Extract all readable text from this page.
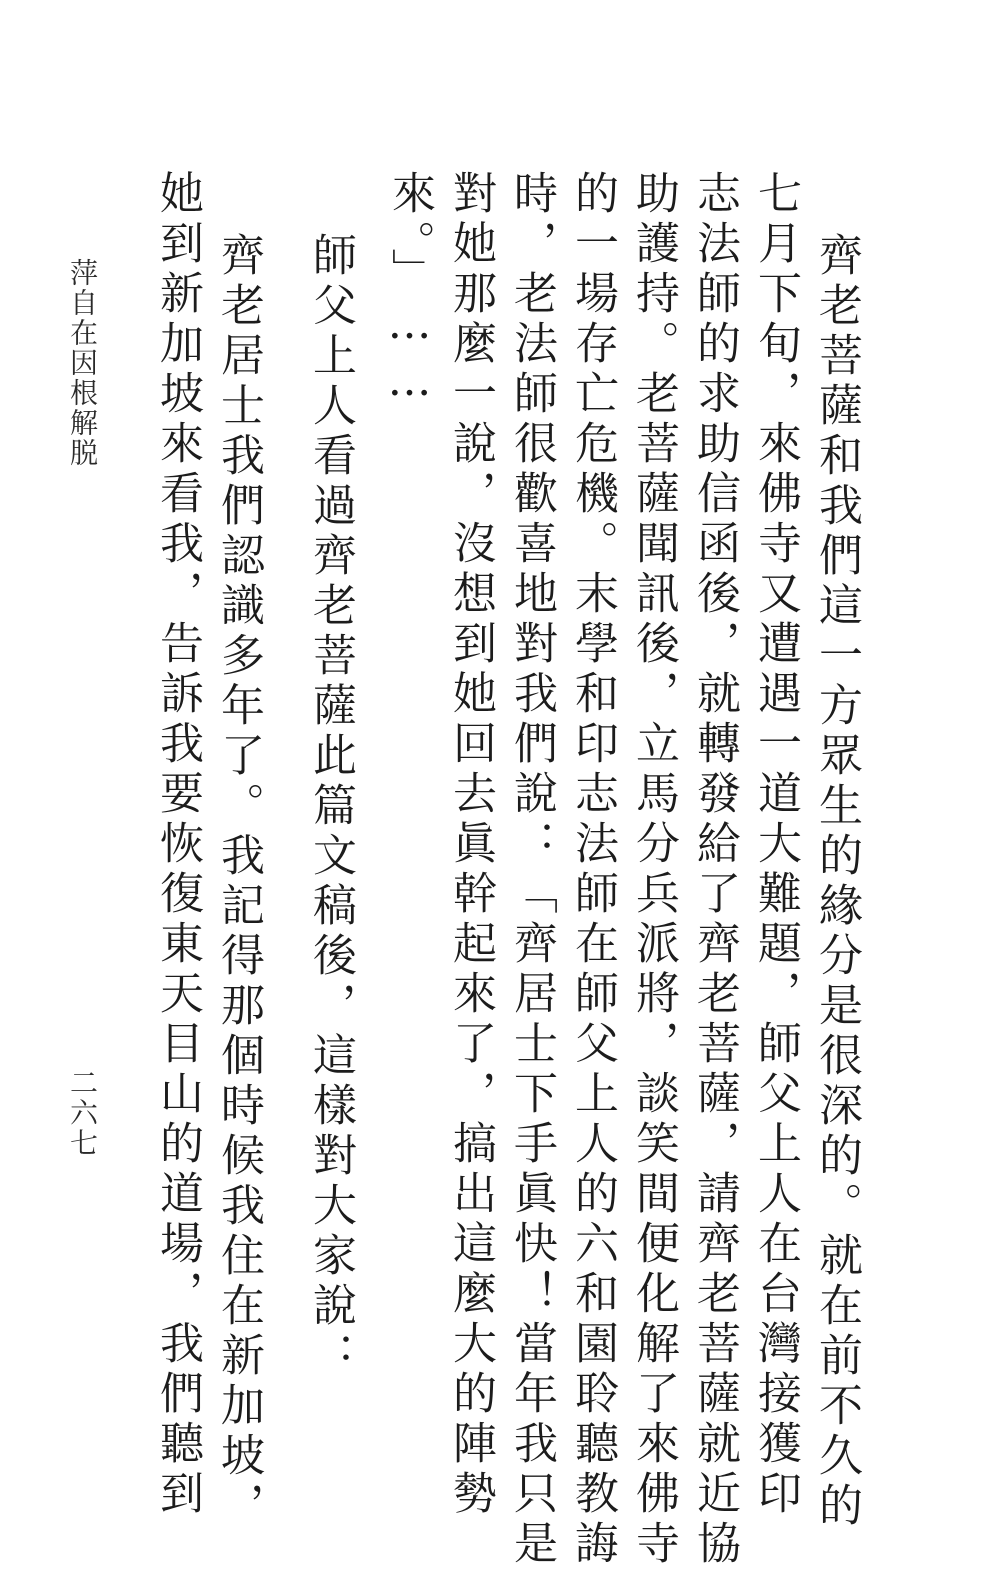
齊老菩薩和我們這一方眾生的緣分是很深的。就在前不久的
七月下旬，來佛寺又遭遇一道大難題，師父上人在台灣接獲印
志法師的求助信函後，就轉發給了齊老菩薩，請齊老菩薩就近協
助護持。老菩薩聞訊後，立馬分兵派將，談笑間便化解了來佛寺
的一場存亡危機。末學和印志法師在師父上人的六和園聆聽教誨
時，老法師很歡喜地對我們說：「齊居士下手眞快！當年我只是
對她那麼一說，沒想到她回去眞幹起來了，搞出這麼大的陣勢
來。」……
師父上人看過齊老菩薩此篇文稿後，這樣對大家說：
齊老居士我們認識多年了。我記得那個時候我住在新加坡，
她到新加坡來看我，告訴我要恢復東天目山的道場，我們聽到
萍自在因根解脱
二六七
